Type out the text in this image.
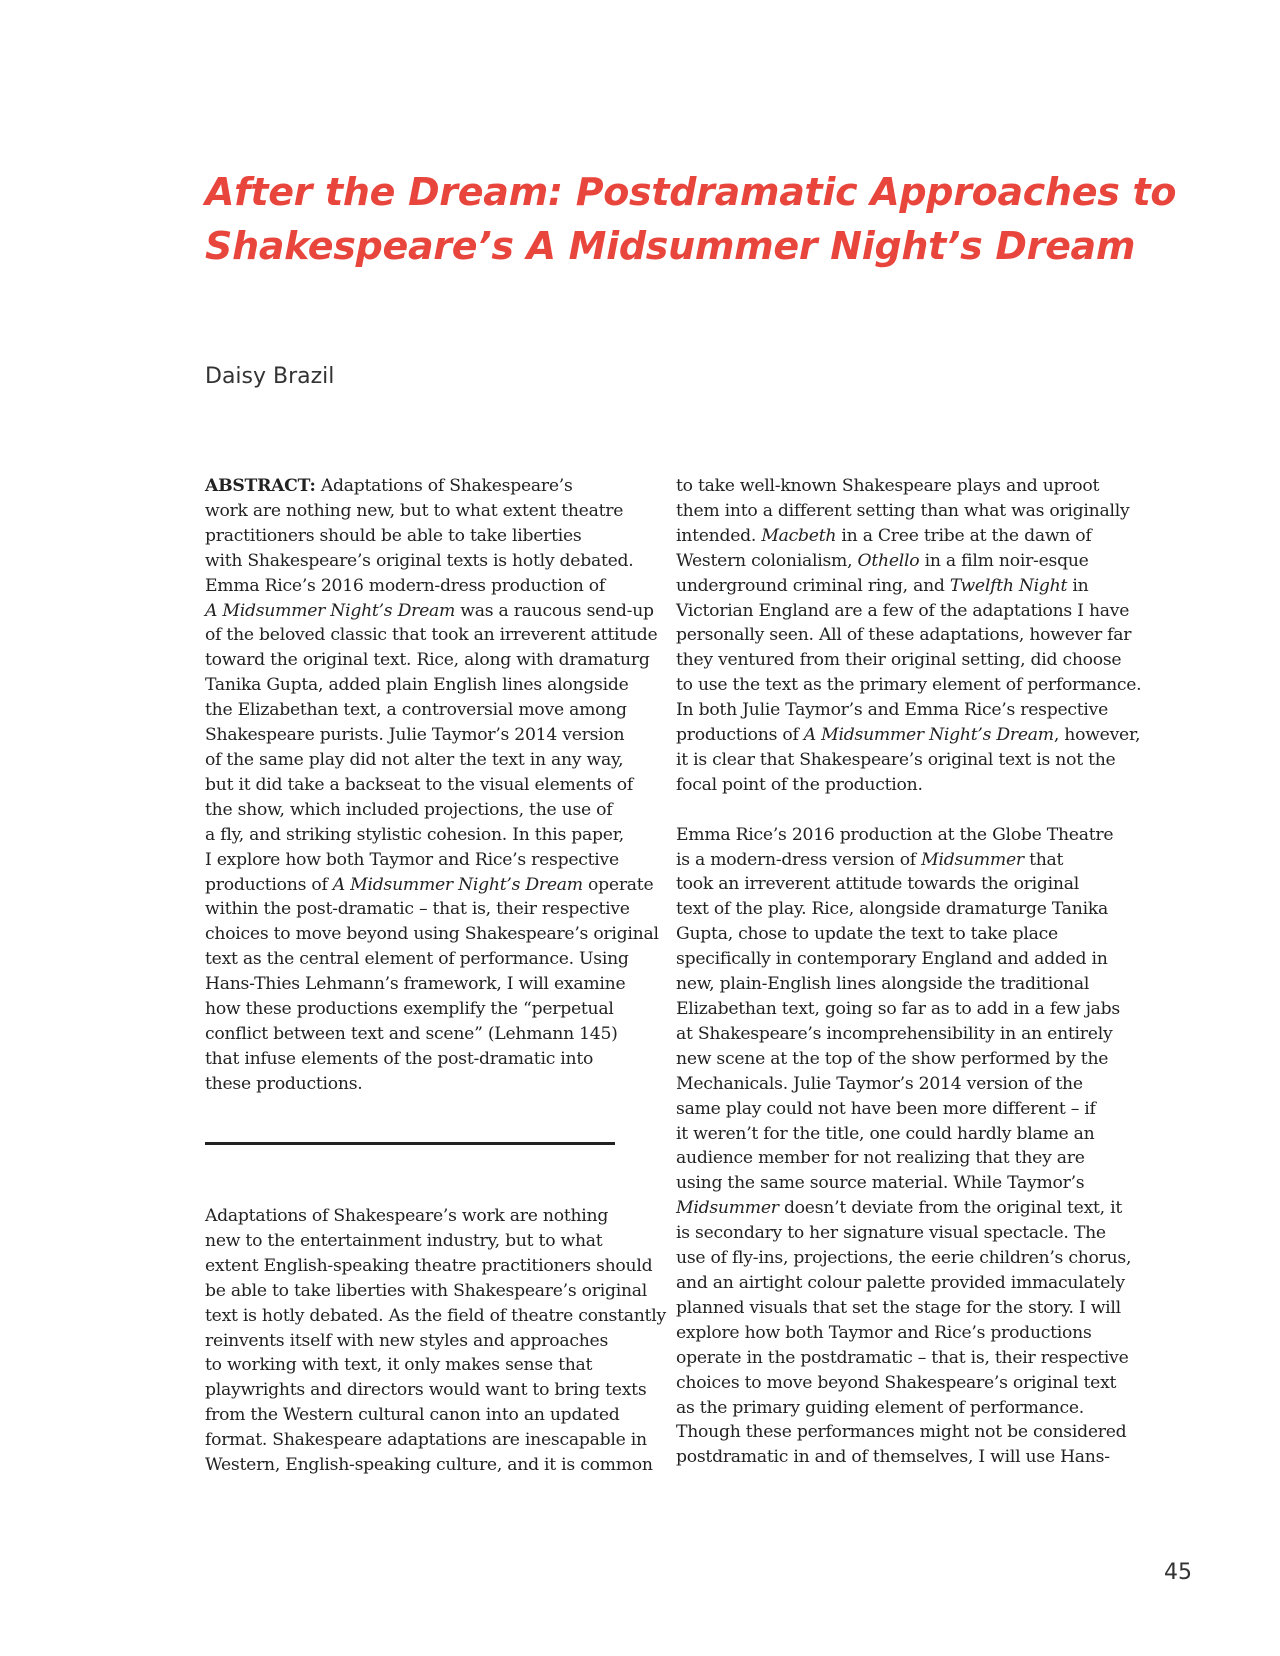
After the Dream: Postdramatic Approaches to
Shakespeare’s A Midsummer Night’s Dream

Daisy Brazil

ABSTRACT: Adaptations of Shakespeare’s
work are nothing new, but to what extent theatre
practitioners should be able to take liberties
with Shakespeare’s original texts is hotly debated.
Emma Rice’s 2016 modern-dress production of
A Midsummer Night’s Dream was a raucous send-up
of the beloved classic that took an irreverent attitude
toward the original text. Rice, along with dramaturg
Tanika Gupta, added plain English lines alongside
the Elizabethan text, a controversial move among
Shakespeare purists. Julie Taymor’s 2014 version
of the same play did not alter the text in any way,
but it did take a backseat to the visual elements of
the show, which included projections, the use of
a fly, and striking stylistic cohesion. In this paper,
I explore how both Taymor and Rice’s respective
productions of A Midsummer Night’s Dream operate
within the post-dramatic – that is, their respective
choices to move beyond using Shakespeare’s original
text as the central element of performance. Using
Hans-Thies Lehmann’s framework, I will examine
how these productions exemplify the “perpetual
conflict between text and scene” (Lehmann 145)
that infuse elements of the post-dramatic into
these productions.
Adaptations of Shakespeare’s work are nothing
new to the entertainment industry, but to what
extent English-speaking theatre practitioners should
be able to take liberties with Shakespeare’s original
text is hotly debated. As the field of theatre constantly
reinvents itself with new styles and approaches
to working with text, it only makes sense that
playwrights and directors would want to bring texts
from the Western cultural canon into an updated
format. Shakespeare adaptations are inescapable in
Western, English-speaking culture, and it is common
to take well-known Shakespeare plays and uproot
them into a different setting than what was originally
intended. Macbeth in a Cree tribe at the dawn of
Western colonialism, Othello in a film noir-esque
underground criminal ring, and Twelfth Night in
Victorian England are a few of the adaptations I have
personally seen. All of these adaptations, however far
they ventured from their original setting, did choose
to use the text as the primary element of performance.
In both Julie Taymor’s and Emma Rice’s respective
productions of A Midsummer Night’s Dream, however,
it is clear that Shakespeare’s original text is not the
focal point of the production.
Emma Rice’s 2016 production at the Globe Theatre
is a modern-dress version of Midsummer that
took an irreverent attitude towards the original
text of the play. Rice, alongside dramaturge Tanika
Gupta, chose to update the text to take place
specifically in contemporary England and added in
new, plain-English lines alongside the traditional
Elizabethan text, going so far as to add in a few jabs
at Shakespeare’s incomprehensibility in an entirely
new scene at the top of the show performed by the
Mechanicals. Julie Taymor’s 2014 version of the
same play could not have been more different – if
it weren’t for the title, one could hardly blame an
audience member for not realizing that they are
using the same source material. While Taymor’s
Midsummer doesn’t deviate from the original text, it
is secondary to her signature visual spectacle. The
use of fly-ins, projections, the eerie children’s chorus,
and an airtight colour palette provided immaculately
planned visuals that set the stage for the story. I will
explore how both Taymor and Rice’s productions
operate in the postdramatic – that is, their respective
choices to move beyond Shakespeare’s original text
as the primary guiding element of performance.
Though these performances might not be considered
postdramatic in and of themselves, I will use Hans-
45
